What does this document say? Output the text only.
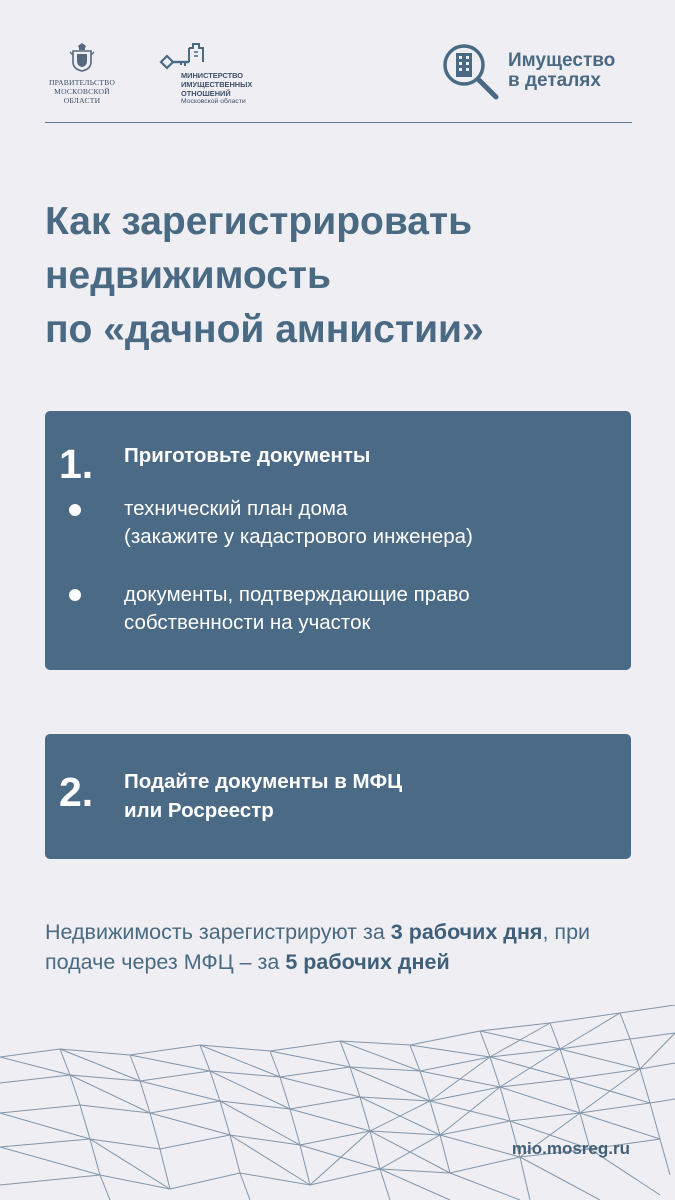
ПРАВИТЕЛЬСТВО
МОСКОВСКОЙ
ОБЛАСТИ
МИНИСТЕРСТВО
ИМУЩЕСТВЕННЫХ
ОТНОШЕНИЙ
Московской области
Имущество
в деталях
Как зарегистрировать
недвижимость
по «дачной амнистии»
1. Приготовьте документы
технический план дома
(закажите у кадастрового инженера)
документы, подтверждающие право
собственности на участок
2. Подайте документы в МФЦ
или Росреестр

Недвижимость зарегистрируют за 3 рабочих дня, при подаче через МФЦ – за 5 рабочих дней

mio.mosreg.ru
